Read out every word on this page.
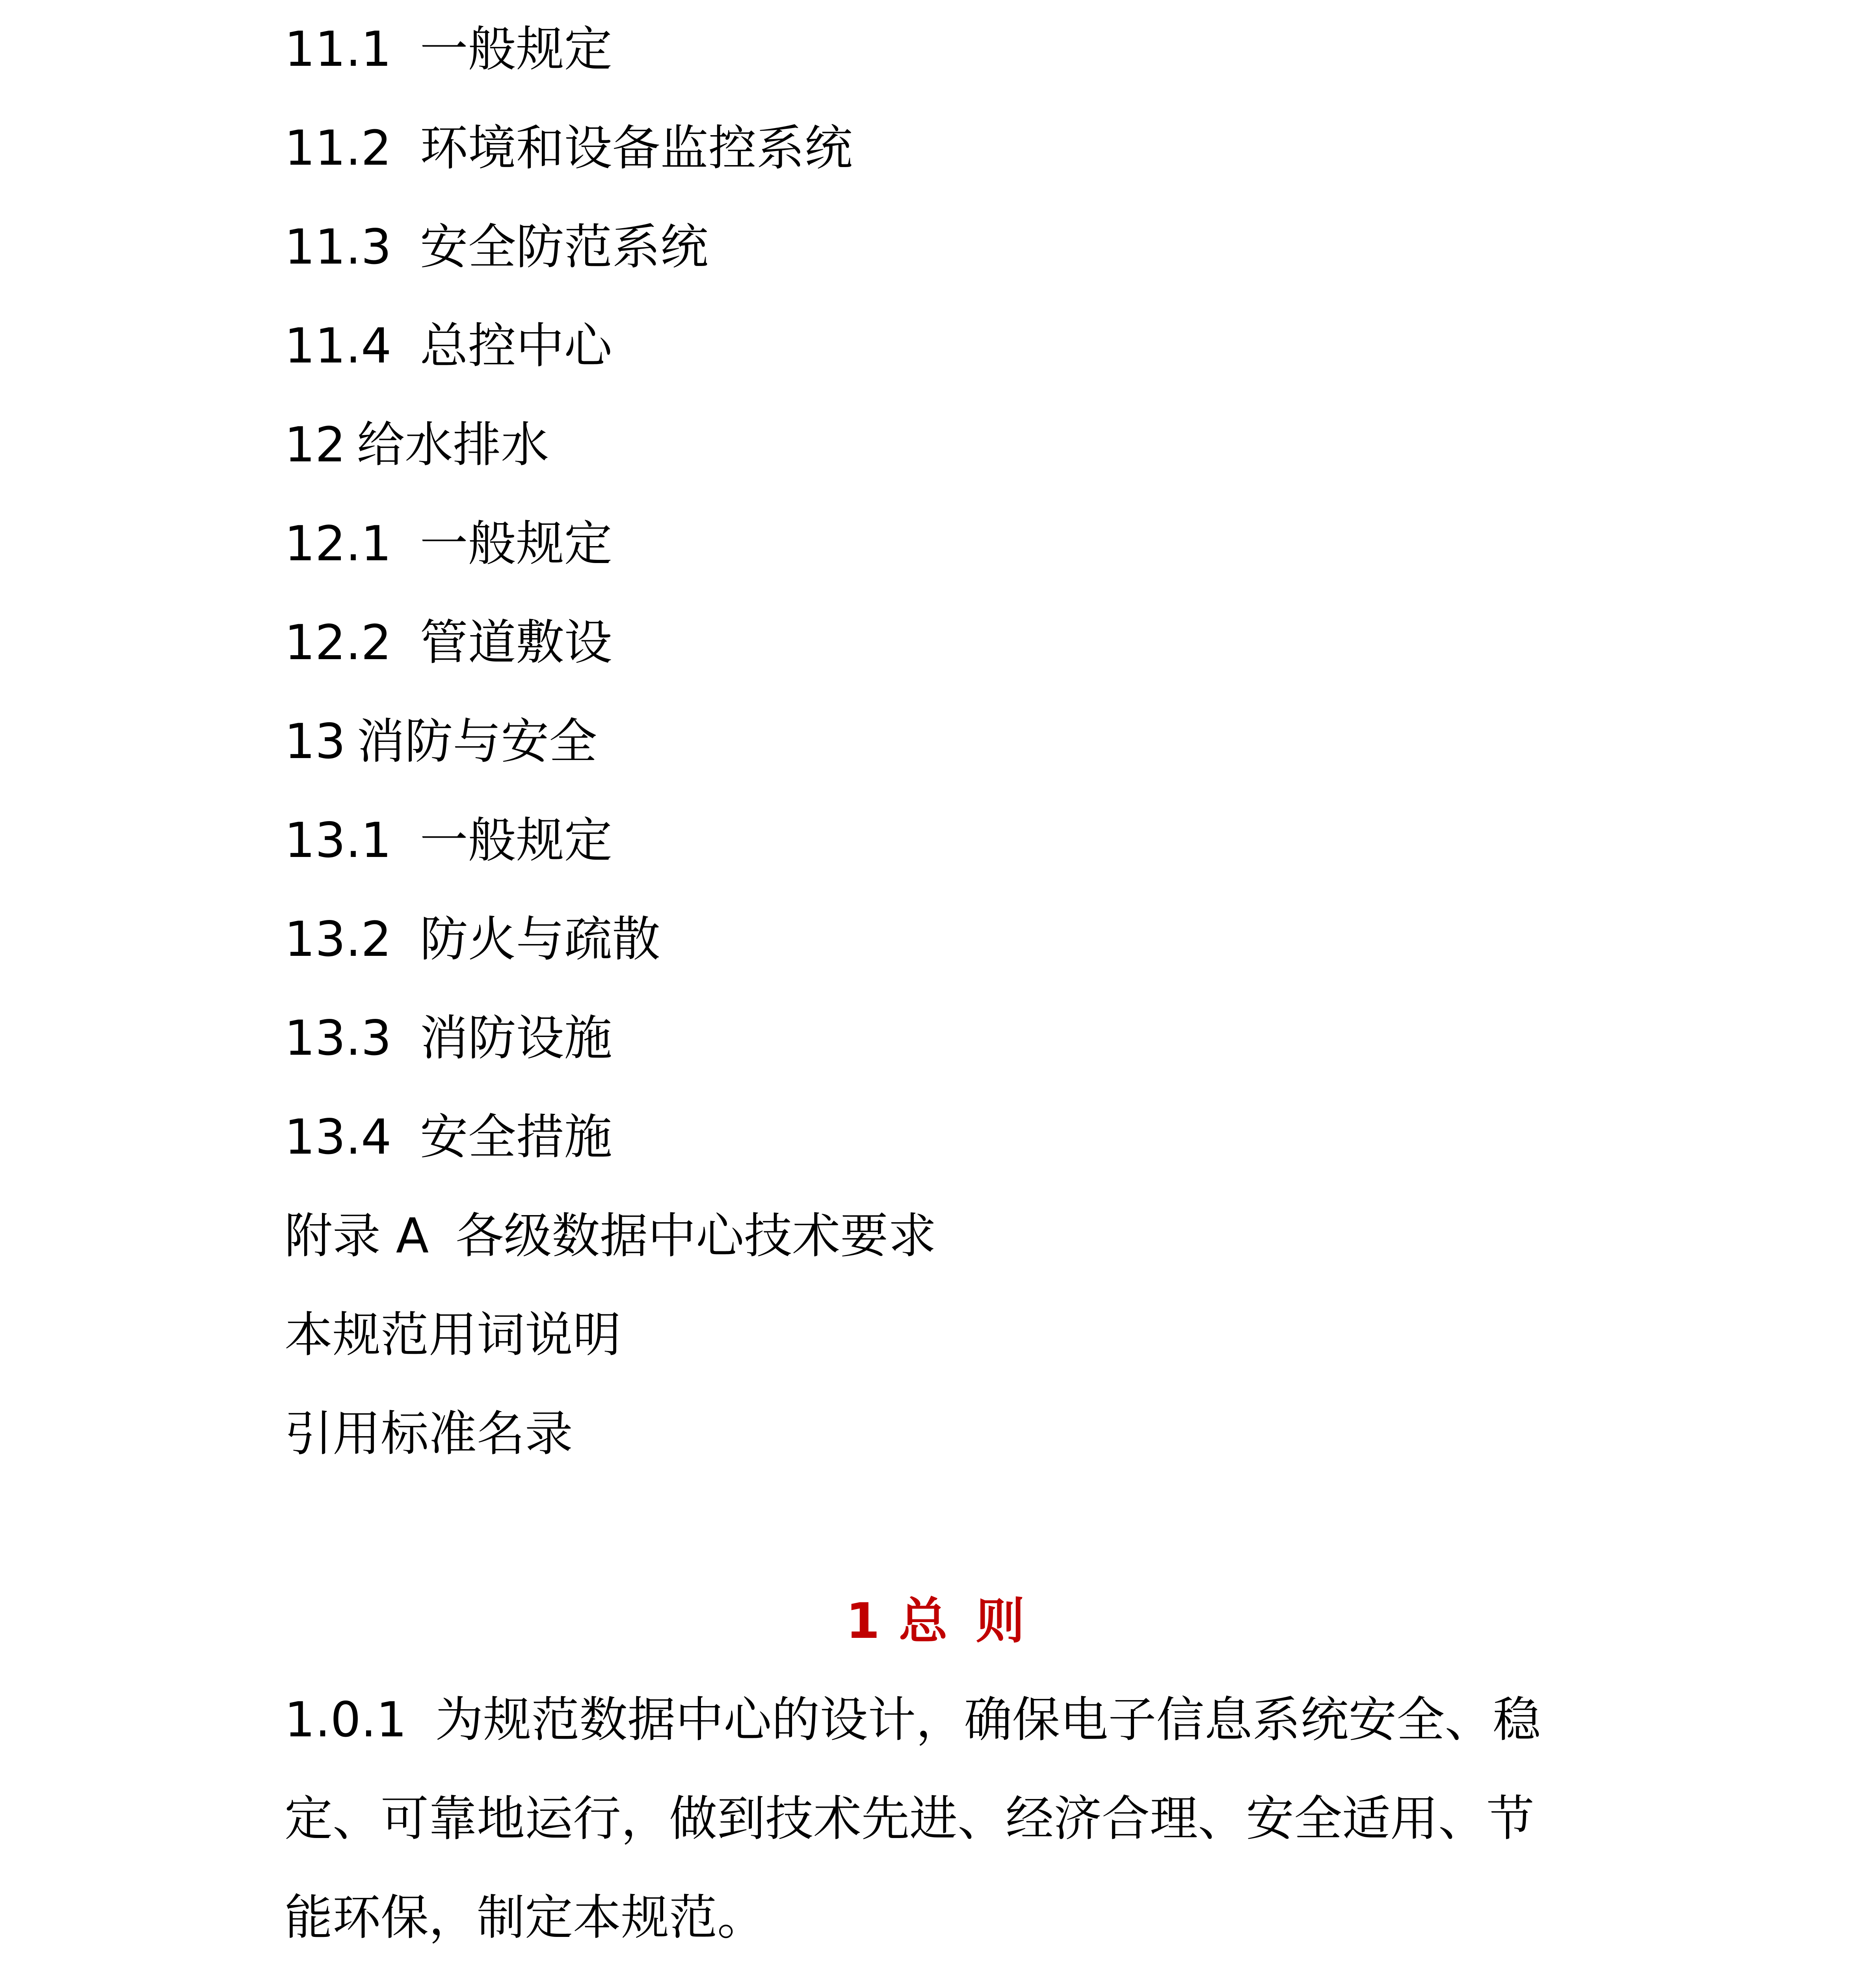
11.1 一般规定
11.2 环境和设备监控系统
11.3 安全防范系统
11.4 总控中心
12 给水排水
12.1 一般规定
12.2 管道敷设
13 消防与安全
13.1 一般规定
13.2 防火与疏散
13.3 消防设施
13.4 安全措施
附录 A 各级数据中心技术要求
本规范用词说明
引用标准名录
1 总 则
1.0.1 为规范数据中心的设计，确保电子信息系统安全、稳
定、可靠地运行，做到技术先进、经济合理、安全适用、节
能环保，制定本规范。
